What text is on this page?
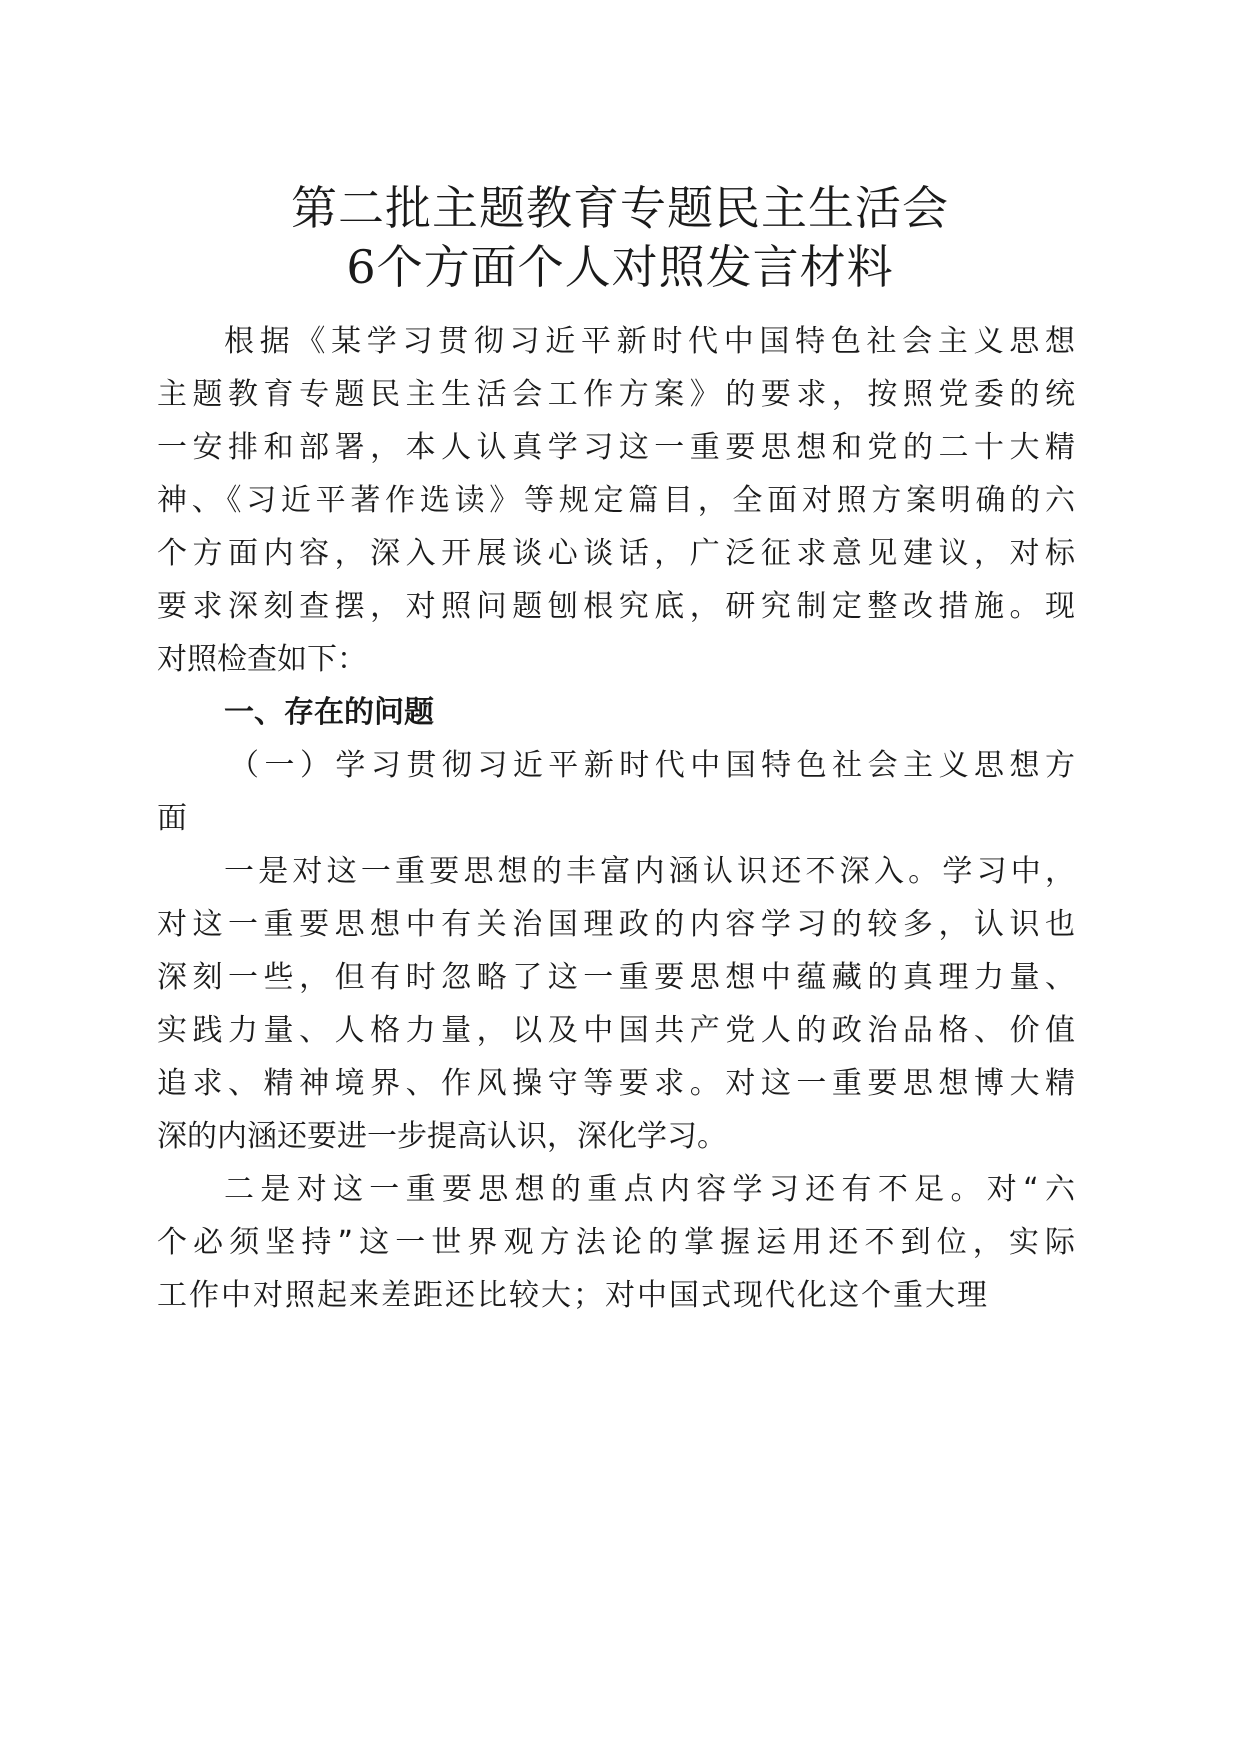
第二批主题教育专题民主生活会
6个方面个人对照发言材料
根据《某学习贯彻习近平新时代中国特色社会主义思想
主题教育专题民主生活会工作方案》的要求，按照党委的统
一安排和部署，本人认真学习这一重要思想和党的二十大精
神、《习近平著作选读》等规定篇目，全面对照方案明确的六
个方面内容，深入开展谈心谈话，广泛征求意见建议，对标
要求深刻查摆，对照问题刨根究底，研究制定整改措施。现
对照检查如下：
一、存在的问题
（一）学习贯彻习近平新时代中国特色社会主义思想方
面
一是对这一重要思想的丰富内涵认识还不深入。学习中，
对这一重要思想中有关治国理政的内容学习的较多，认识也
深刻一些，但有时忽略了这一重要思想中蕴藏的真理力量、
实践力量、人格力量，以及中国共产党人的政治品格、价值
追求、精神境界、作风操守等要求。对这一重要思想博大精
深的内涵还要进一步提高认识，深化学习。
二是对这一重要思想的重点内容学习还有不足。对“六
个必须坚持”这一世界观方法论的掌握运用还不到位，实际
工作中对照起来差距还比较大；对中国式现代化这个重大理
